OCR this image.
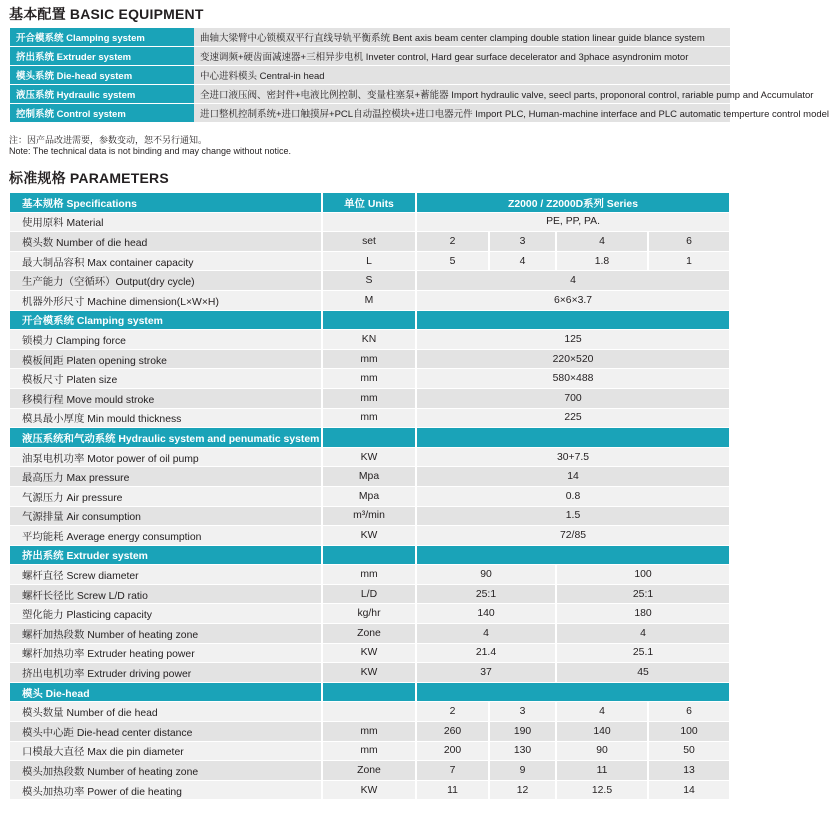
基本配置 BASIC EQUIPMENT
开合模系统 Clamping system	曲轴大梁臂中心锁模双平行直线导轨平衡系统 Bent axis beam center clamping double station linear guide blance system
挤出系统 Extruder system	变速调频+硬齿面减速器+三相异步电机 Inveter control, Hard gear surface decelerator and 3phace asyndronim motor
模头系统 Die-head system	中心进料模头 Central-in head
液压系统 Hydraulic system	全进口液压阀、密封件+电液比例控制、变量柱塞泵+蓄能器 Import hydraulic valve, seecl parts, proponoral control, rariable pump and Accumulator
控制系统 Control system	进口整机控制系统+进口触摸屏+PCL自动温控模块+进口电器元件 Import PLC, Human-machine interface and PLC automatic temperture control model
注：因产品改进需要，参数变动，恕不另行通知。
Note: The technical data is not binding and may change without notice.
标准规格 PARAMETERS
基本规格 Specifications	单位 Units	Z2000 / Z2000D系列 Series			
使用原料 Material		PE, PP, PA.			
模头数 Number of die head	set	2	3	4	6
最大制品容积 Max container capacity	L	5	4	1.8	1
生产能力（空循环）Output(dry cycle)	S	4			
机器外形尺寸 Machine dimension(L×W×H)	M	6×6×3.7			
开合模系统 Clamping system					
锁模力 Clamping force	KN	125			
模板间距 Platen opening stroke	mm	220×520			
模板尺寸 Platen size	mm	580×488			
移模行程 Move mould stroke	mm	700			
模具最小厚度 Min mould thickness	mm	225			
液压系统和气动系统 Hydraulic system and penumatic system					
油泵电机功率 Motor power of oil pump	KW	30+7.5			
最高压力 Max pressure	Mpa	14			
气源压力 Air pressure	Mpa	0.8			
气源排量 Air consumption	m³/min	1.5			
平均能耗 Average energy consumption	KW	72/85			
挤出系统 Extruder system					
螺杆直径 Screw diameter	mm	90		100	
螺杆长径比 Screw L/D ratio	L/D	25:1		25:1	
塑化能力 Plasticing capacity	kg/hr	140		180	
螺杆加热段数 Number of heating zone	Zone	4		4	
螺杆加热功率 Extruder heating power	KW	21.4		25.1	
挤出电机功率 Extruder driving power	KW	37		45	
模头 Die-head					
模头数量 Number of die head		2	3	4	6
模头中心距 Die-head center distance	mm	260	190	140	100
口模最大直径 Max die pin diameter	mm	200	130	90	50
模头加热段数 Number of heating zone	Zone	7	9	11	13
模头加热功率 Power of die heating	KW	11	12	12.5	14
